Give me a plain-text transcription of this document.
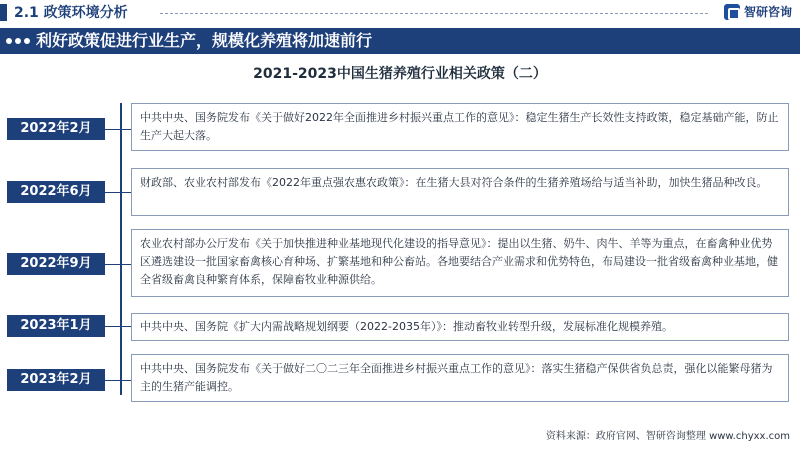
2.1 政策环境分析	智研咨询
利好政策促进行业生产，规模化养殖将加速前行
2021-2023中国生猪养殖行业相关政策（二）
2022年2月
中共中央、国务院发布《关于做好2022年全面推进乡村振兴重点工作的意见》：稳定生猪生产长效性支持政策，稳定基础产能，防止生产大起大落。
2022年6月
财政部、农业农村部发布《2022年重点强农惠农政策》：在生猪大县对符合条件的生猪养殖场给与适当补助，加快生猪品种改良。
2022年9月
农业农村部办公厅发布《关于加快推进种业基地现代化建设的指导意见》：提出以生猪、奶牛、肉牛、羊等为重点，在畜禽种业优势区遴选建设一批国家畜禽核心育种场、扩繁基地和种公畜站。各地要结合产业需求和优势特色，布局建设一批省级畜禽种业基地，健全省级畜禽良种繁育体系，保障畜牧业种源供给。
2023年1月	中共中央、国务院《扩大内需战略规划纲要（2022-2035年）》：推动畜牧业转型升级，发展标准化规模养殖。
2023年2月
中共中央、国务院发布《关于做好二〇二三年全面推进乡村振兴重点工作的意见》：落实生猪稳产保供省负总责，强化以能繁母猪为主的生猪产能调控。
资料来源：政府官网、智研咨询整理 www.chyxx.com
